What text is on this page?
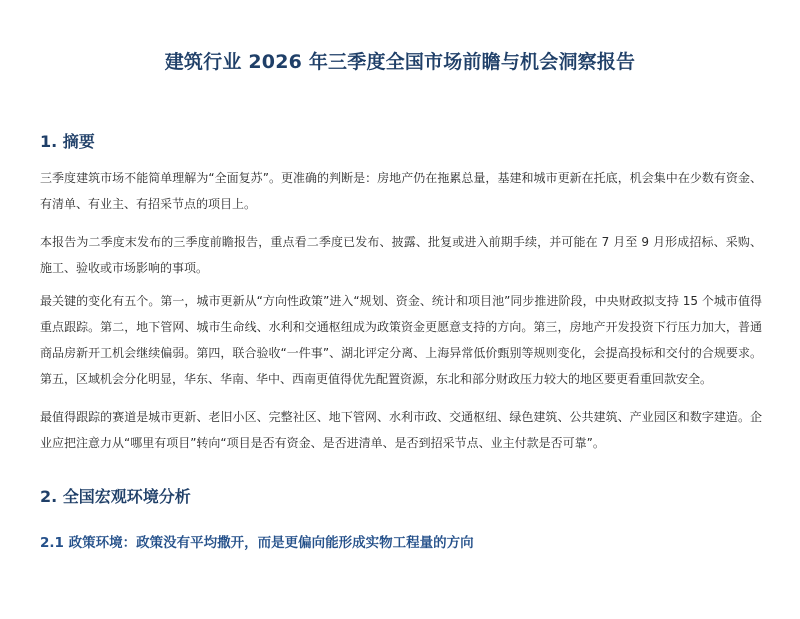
建筑行业 2026 年三季度全国市场前瞻与机会洞察报告
1. 摘要
三季度建筑市场不能简单理解为“全面复苏”。更准确的判断是：房地产仍在拖累总量，基建和城市更新在托底，机会集中在少数有资金、有清单、有业主、有招采节点的项目上。
本报告为二季度末发布的三季度前瞻报告，重点看二季度已发布、披露、批复或进入前期手续，并可能在 7 月至 9 月形成招标、采购、施工、验收或市场影响的事项。
最关键的变化有五个。第一，城市更新从“方向性政策”进入“规划、资金、统计和项目池”同步推进阶段，中央财政拟支持 15 个城市值得重点跟踪。第二，地下管网、城市生命线、水利和交通枢纽成为政策资金更愿意支持的方向。第三，房地产开发投资下行压力加大，普通商品房新开工机会继续偏弱。第四，联合验收“一件事”、湖北评定分离、上海异常低价甄别等规则变化，会提高投标和交付的合规要求。第五，区域机会分化明显，华东、华南、华中、西南更值得优先配置资源，东北和部分财政压力较大的地区要更看重回款安全。
最值得跟踪的赛道是城市更新、老旧小区、完整社区、地下管网、水利市政、交通枢纽、绿色建筑、公共建筑、产业园区和数字建造。企业应把注意力从“哪里有项目”转向“项目是否有资金、是否进清单、是否到招采节点、业主付款是否可靠”。
2. 全国宏观环境分析
2.1 政策环境：政策没有平均撒开，而是更偏向能形成实物工程量的方向
